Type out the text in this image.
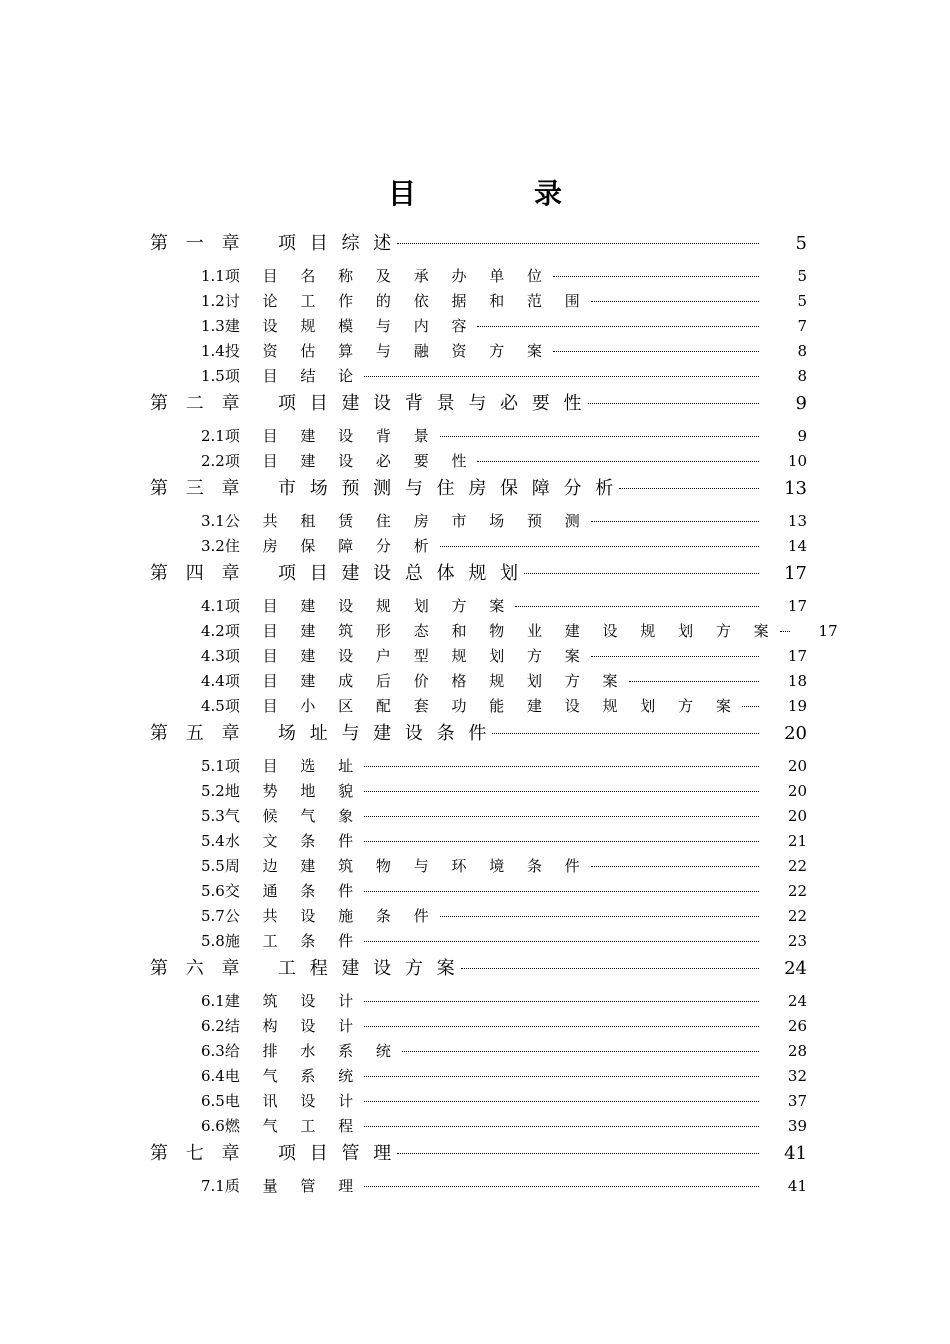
目	录
第 一 章	项 目 综 述	5
1.1 项 目 名 称 及 承 办 单 位	5
1.2 讨 论 工 作 的 依 据 和 范 围	5
1.3 建 设 规 模 与 内 容	7
1.4 投 资 估 算 与 融 资 方 案	8
1.5 项 目 结 论	8
第 二 章	项 目 建 设 背 景 与 必 要 性	9
2.1 项 目 建 设 背 景	9
2.2 项 目 建 设 必 要 性	10
第 三 章	市 场 预 测 与 住 房 保 障 分 析	13
3.1 公 共 租 赁 住 房 市 场 预 测	13
3.2 住 房 保 障 分 析	14
第 四 章	项 目 建 设 总 体 规 划	17
4.1 项 目 建 设 规 划 方 案	17
4.2 项 目 建 筑 形 态 和 物 业 建 设 规 划 方 案	17
4.3 项 目 建 设 户 型 规 划 方 案	17
4.4 项 目 建 成 后 价 格 规 划 方 案	18
4.5 项 目 小 区 配 套 功 能 建 设 规 划 方 案	19
第 五 章	场 址 与 建 设 条 件	20
5.1 项 目 选 址	20
5.2 地 势 地 貌	20
5.3 气 候 气 象	20
5.4 水 文 条 件	21
5.5 周 边 建 筑 物 与 环 境 条 件	22
5.6 交 通 条 件	22
5.7 公 共 设 施 条 件	22
5.8 施 工 条 件	23
第 六 章	工 程 建 设 方 案	24
6.1 建 筑 设 计	24
6.2 结 构 设 计	26
6.3 给 排 水 系 统	28
6.4 电 气 系 统	32
6.5 电 讯 设 计	37
6.6 燃 气 工 程	39
第 七 章	项 目 管 理	41
7.1 质 量 管 理	41
